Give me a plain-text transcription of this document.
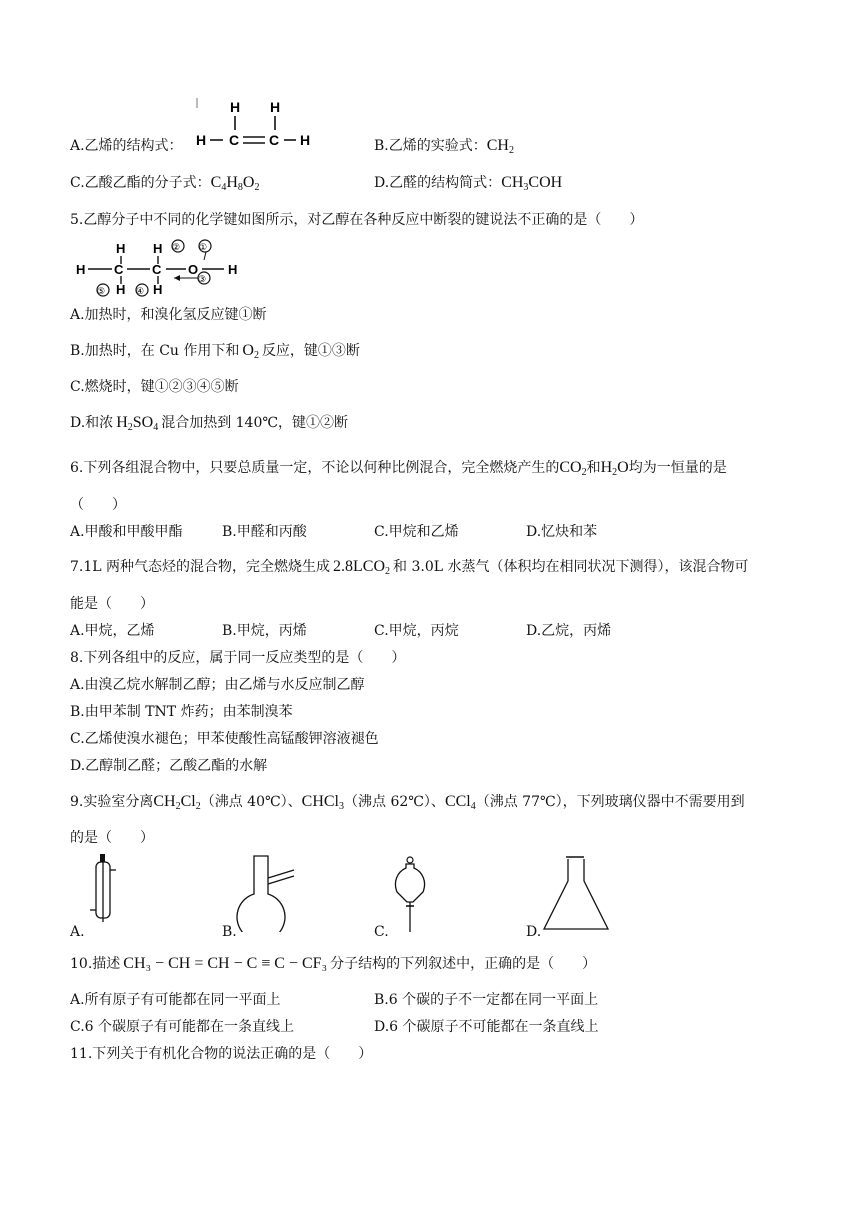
A.乙烯的结构式：
H H
H C C H	B.乙烯的实验式：$CH_2$
C.乙酸乙酯的分子式：$C_4H_8O_2$	D.乙醛的结构简式：$CH_3COH$
5.乙醇分子中不同的化学键如图所示，对乙醇在各种反应中断裂的键说法不正确的是（　　）
H H ② ①
H C C O H
③
H H
⑤	④
A.加热时，和溴化氢反应键①断
B.加热时，在 Cu 作用下和 $O_2$ 反应，键①③断
C.燃烧时，键①②③④⑤断
D.和浓 $H_2SO_4$ 混合加热到 140℃，键①②断
6.下列各组混合物中，只要总质量一定，不论以何种比例混合，完全燃烧产生的$CO_2$和$H_2O$均为一恒量的是
（　　）
A.甲酸和甲酸甲酯	B.甲醛和丙酸	C.甲烷和乙烯	D.忆炔和苯
7.1L 两种气态烃的混合物，完全燃烧生成 $2.8LCO_2$ 和 3.0L 水蒸气（体积均在相同状况下测得），该混合物可
能是（　　）
A.甲烷，乙烯	B.甲烷，丙烯	C.甲烷，丙烷	D.乙烷，丙烯
8.下列各组中的反应，属于同一反应类型的是（　　）
A.由溴乙烷水解制乙醇；由乙烯与水反应制乙醇
B.由甲苯制 TNT 炸药；由苯制溴苯
C.乙烯使溴水褪色；甲苯使酸性高锰酸钾溶液褪色
D.乙醇制乙醛；乙酸乙酯的水解
9.实验室分离$CH_2Cl_2$（沸点 40℃）、CHCl$_3$（沸点 62℃）、CCl$_4$（沸点 77℃），下列玻璃仪器中不需要用到
的是（　　）
A.	B.	C.	D.
10.描述 CH₃ − CH = CH − C ≡ C − CF₃ 分子结构的下列叙述中，正确的是（　　）
A.所有原子有可能都在同一平面上	B.6 个碳的子不一定都在同一平面上
C.6 个碳原子有可能都在一条直线上	D.6 个碳原子不可能都在一条直线上
11.下列关于有机化合物的说法正确的是（　　）
